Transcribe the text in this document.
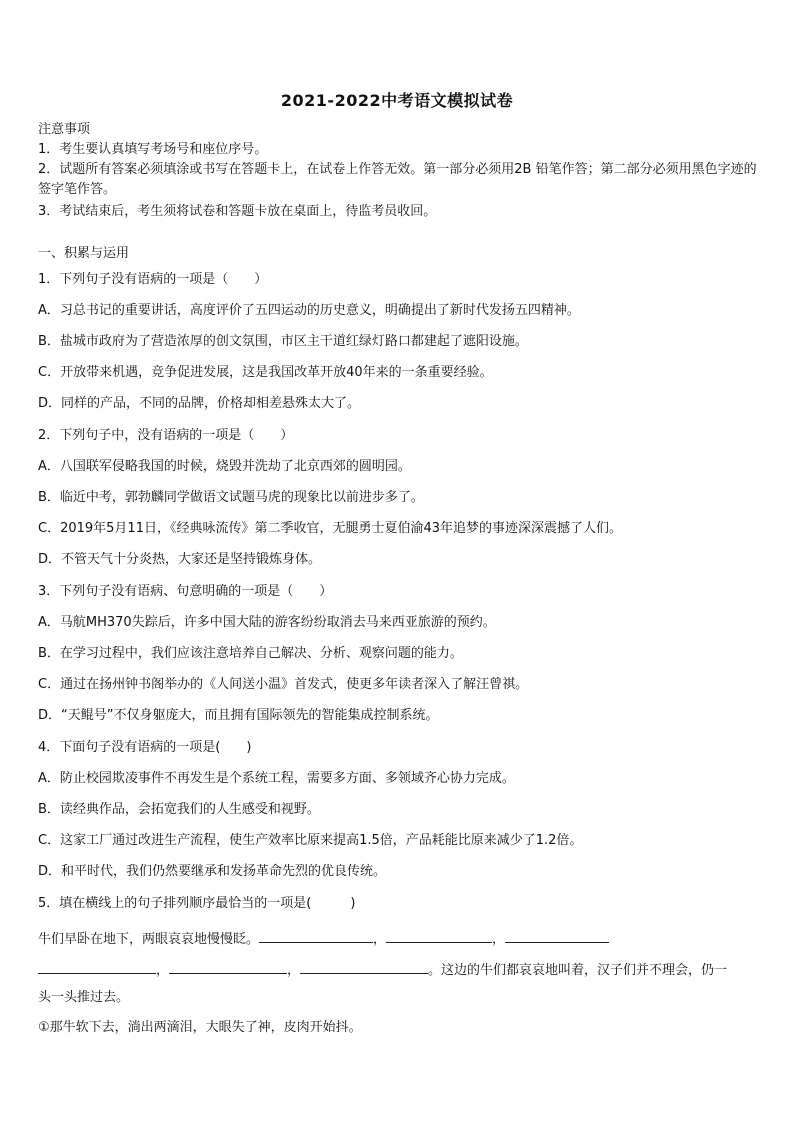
2021-2022中考语文模拟试卷
注意事项
1．考生要认真填写考场号和座位序号。
2．试题所有答案必须填涂或书写在答题卡上，在试卷上作答无效。第一部分必须用2B 铅笔作答；第二部分必须用黑色字迹的签字笔作答。
3．考试结束后，考生须将试卷和答题卡放在桌面上，待监考员收回。
一、积累与运用
1．下列句子没有语病的一项是（　　）
A．习总书记的重要讲话，高度评价了五四运动的历史意义，明确提出了新时代发扬五四精神。
B．盐城市政府为了营造浓厚的创文氛围，市区主干道红绿灯路口都建起了遮阳设施。
C．开放带来机遇，竞争促进发展，这是我国改革开放40年来的一条重要经验。
D．同样的产品，不同的品牌，价格却相差悬殊太大了。
2．下列句子中，没有语病的一项是（　　）
A．八国联军侵略我国的时候，烧毁并洗劫了北京西郊的圆明园。
B．临近中考，郭勃麟同学做语文试题马虎的现象比以前进步多了。
C．2019年5月11日，《经典咏流传》第二季收官，无腿勇士夏伯渝43年追梦的事迹深深震撼了人们。
D．不管天气十分炎热，大家还是坚持锻炼身体。
3．下列句子没有语病、句意明确的一项是（　　）
A．马航MH370失踪后，许多中国大陆的游客纷纷取消去马来西亚旅游的预约。
B．在学习过程中，我们应该注意培养自己解决、分析、观察问题的能力。
C．通过在扬州钟书阁举办的《人间送小温》首发式，使更多年读者深入了解汪曾祺。
D．“天鲲号”不仅身躯庞大，而且拥有国际领先的智能集成控制系统。
4．下面句子没有语病的一项是(　　)
A．防止校园欺凌事件不再发生是个系统工程，需要多方面、多领域齐心协力完成。
B．读经典作品，会拓宽我们的人生感受和视野。
C．这家工厂通过改进生产流程，使生产效率比原来提高1.5倍，产品耗能比原来减少了1.2倍。
D．和平时代，我们仍然要继承和发扬革命先烈的优良传统。
5．填在横线上的句子排列顺序最恰当的一项是(　　　)
牛们早卧在地下，两眼哀哀地慢慢眨。	，	，
，	，	。这边的牛们都哀哀地叫着，汉子们并不理会，仍一
头一头推过去。
①那牛软下去，淌出两滴泪，大眼失了神，皮肉开始抖。
